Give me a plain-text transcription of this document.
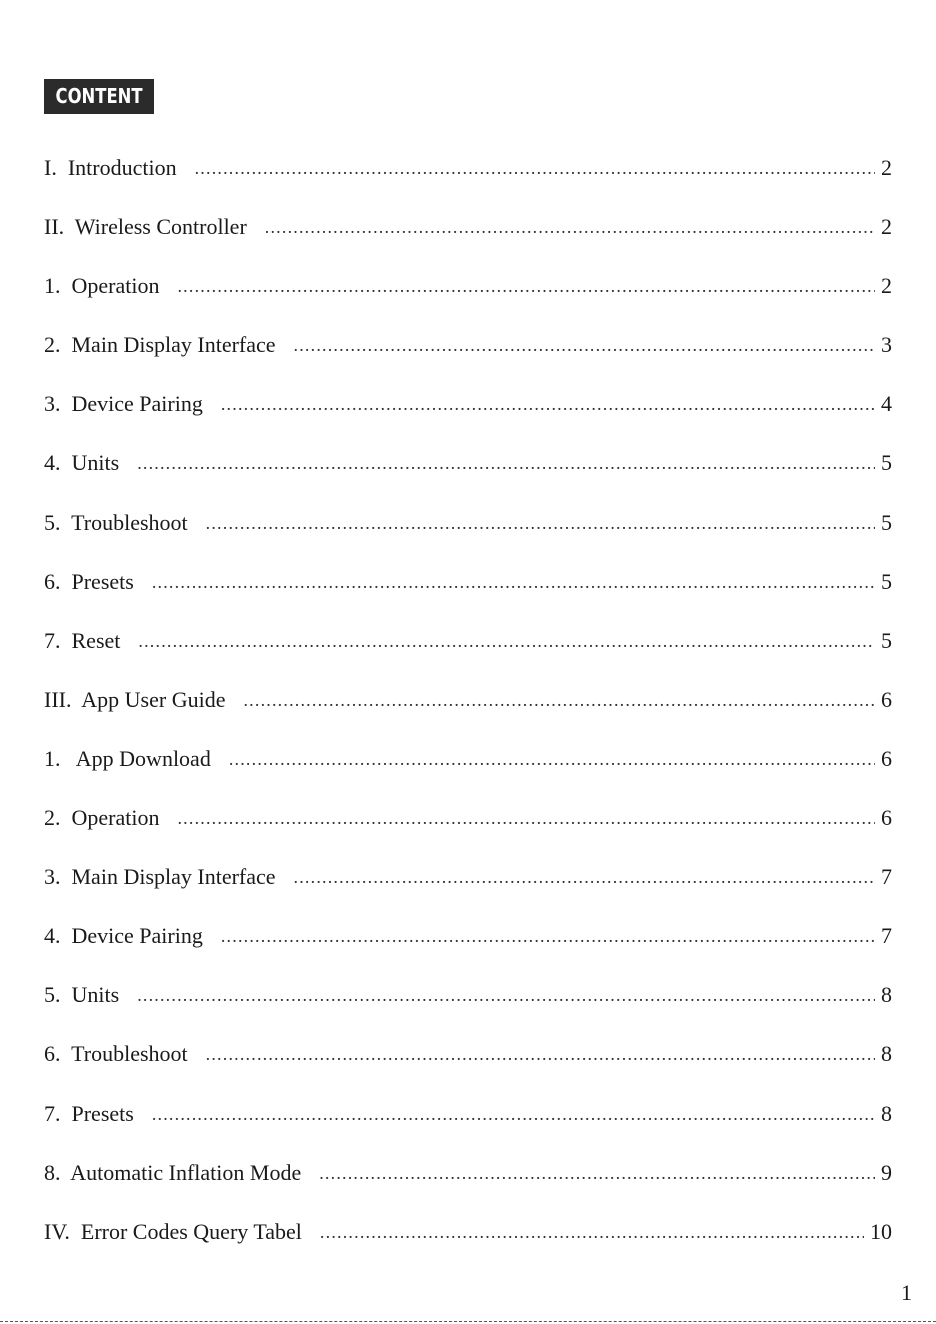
CONTENT
I.  Introduction .....	2
II.  Wireless Controller .....	2
1.  Operation .....	2
2.  Main Display Interface .....	3
3.  Device Pairing .....	4
4.  Units .....	5
5.  Troubleshoot .....	5
6.  Presets .....	5
7.  Reset .....	5
III.  App User Guide .....	6
1.   App Download .....	6
2.  Operation .....	6
3.  Main Display Interface .....	7
4.  Device Pairing .....	7
5.  Units .....	8
6.  Troubleshoot .....	8
7.  Presets .....	8
8.  Automatic Inflation Mode .....	9
IV.  Error Codes Query Tabel .....	10
1
